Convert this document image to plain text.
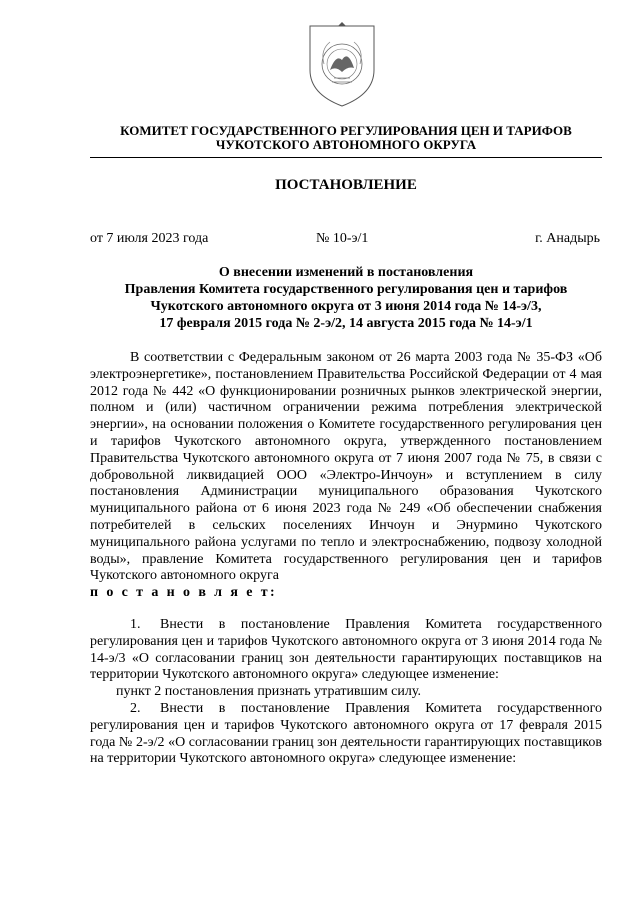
КОМИТЕТ ГОСУДАРСТВЕННОГО РЕГУЛИРОВАНИЯ ЦЕН И ТАРИФОВ
ЧУКОТСКОГО АВТОНОМНОГО ОКРУГА
ПОСТАНОВЛЕНИЕ
от 7 июля 2023 года	№ 10-э/1	г. Анадырь
О внесении изменений в постановления
Правления Комитета государственного регулирования цен и тарифов
Чукотского автономного округа от 3 июня 2014 года № 14-э/3,
17 февраля 2015 года № 2-э/2, 14 августа 2015 года № 14-э/1

В соответствии с Федеральным законом от 26 марта 2003 года № 35-ФЗ «Об электроэнергетике», постановлением Правительства Российской Федерации от 4 мая 2012 года № 442 «О функционировании розничных рынков электрической энергии, полном и (или) частичном ограничении режима потребления электрической энергии», на основании положения о Комитете государственного регулирования цен и тарифов Чукотского автономного округа, утвержденного постановлением Правительства Чукотского автономного округа от 7 июня 2007 года № 75, в связи с добровольной ликвидацией ООО «Электро-Инчоун» и вступлением в силу постановления Администрации муниципального образования Чукотского муниципального района от 6 июня 2023 года № 249 «Об обеспечении снабжения потребителей в сельских поселениях Инчоун и Энурмино Чукотского муниципального района услугами по тепло и электроснабжению, подвозу холодной воды», правление Комитета государственного регулирования цен и тарифов Чукотского автономного округа

п о с т а н о в л я е т:

1. Внести в постановление Правления Комитета государственного регулирования цен и тарифов Чукотского автономного округа от 3 июня 2014 года № 14-э/3 «О согласовании границ зон деятельности гарантирующих поставщиков на территории Чукотского автономного округа» следующее изменение:

пункт 2 постановления признать утратившим силу.

2. Внести в постановление Правления Комитета государственного регулирования цен и тарифов Чукотского автономного округа от 17 февраля 2015 года № 2-э/2 «О согласовании границ зон деятельности гарантирующих поставщиков на территории Чукотского автономного округа» следующее изменение:
